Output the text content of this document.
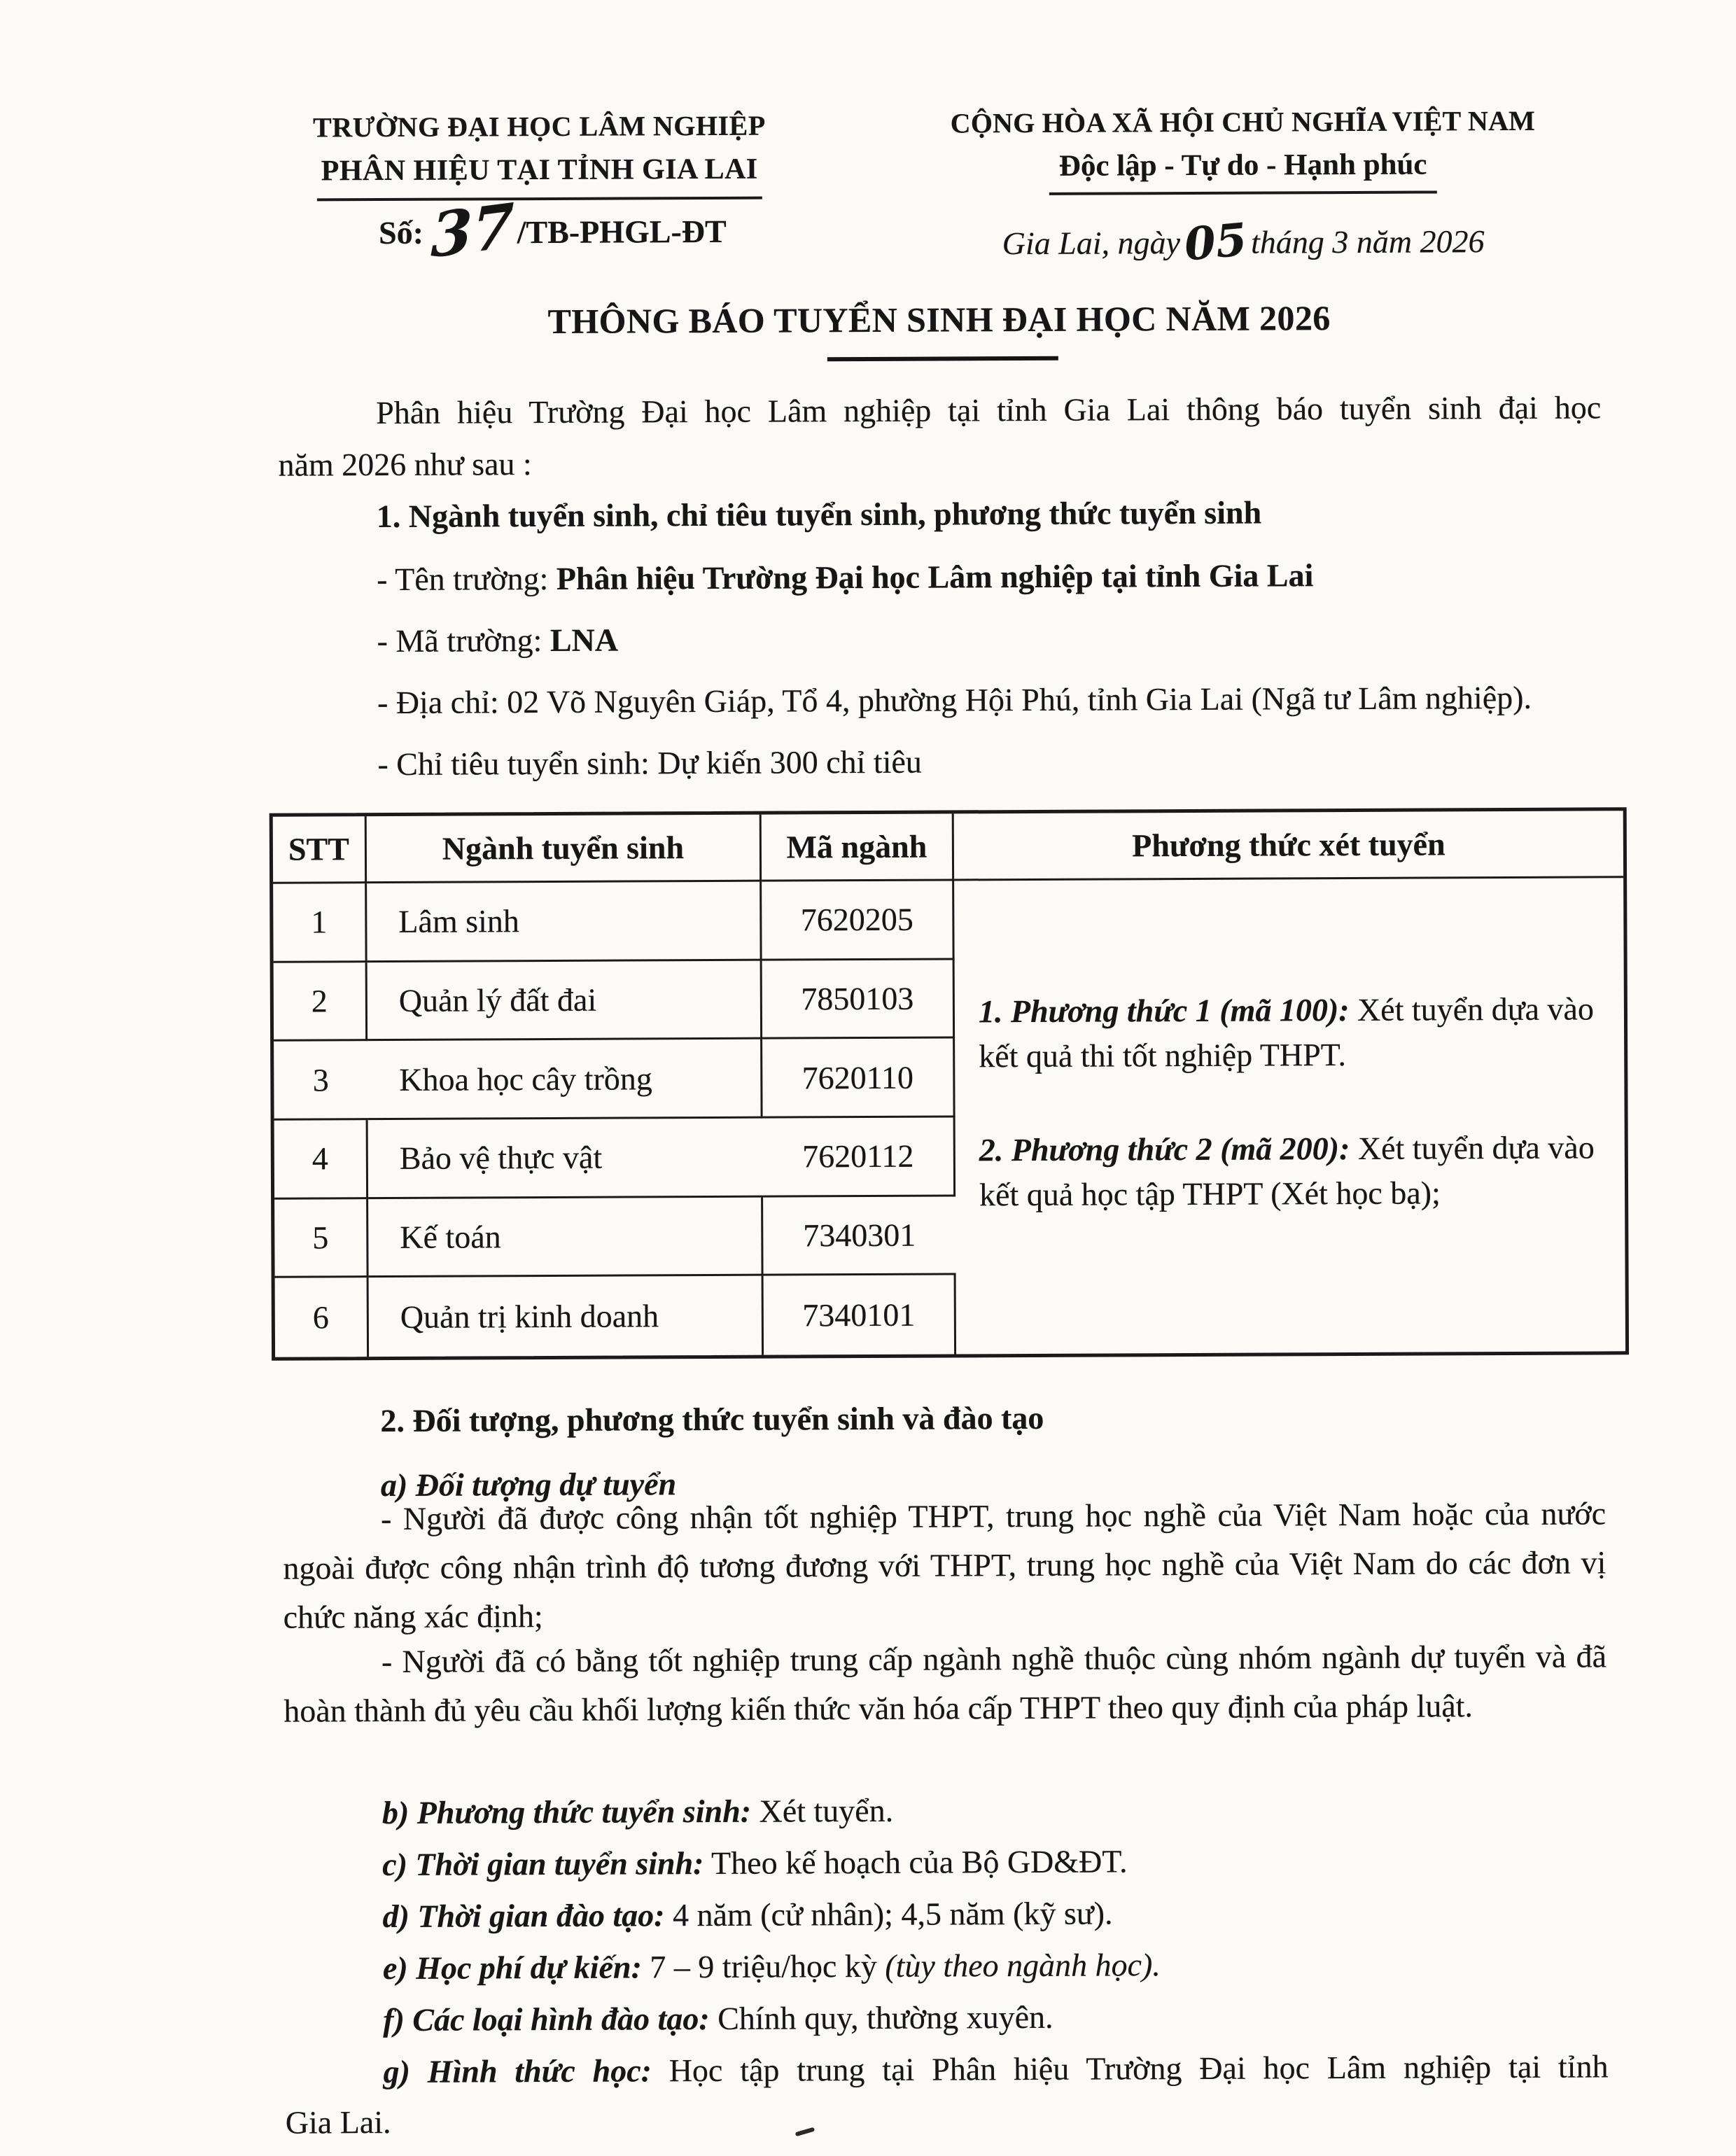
TRƯỜNG ĐẠI HỌC LÂM NGHIỆP
PHÂN HIỆU TẠI TỈNH GIA LAI
Số: 37/TB-PHGL-ĐT
CỘNG HÒA XÃ HỘI CHỦ NGHĨA VIỆT NAM
Độc lập - Tự do - Hạnh phúc
Gia Lai, ngày05tháng 3 năm 2026
THÔNG BÁO TUYỂN SINH ĐẠI HỌC NĂM 2026
Phân hiệu Trường Đại học Lâm nghiệp tại tỉnh Gia Lai thông báo tuyển sinh đại học
năm 2026 như sau :
1. Ngành tuyển sinh, chỉ tiêu tuyển sinh, phương thức tuyển sinh
- Tên trường: Phân hiệu Trường Đại học Lâm nghiệp tại tỉnh Gia Lai
- Mã trường: LNA
- Địa chỉ: 02 Võ Nguyên Giáp, Tổ 4, phường Hội Phú, tỉnh Gia Lai (Ngã tư Lâm nghiệp).
- Chỉ tiêu tuyển sinh: Dự kiến 300 chỉ tiêu
STT	Ngành tuyển sinh	Mã ngành	Phương thức xét tuyển
1	Lâm sinh	7620205
1. Phương thức 1 (mã 100): Xét tuyển dựa vào kết quả thi tốt nghiệp THPT.
2. Phương thức 2 (mã 200): Xét tuyển dựa vào kết quả học tập THPT (Xét học bạ);
2	Quản lý đất đai	7850103
3	Khoa học cây trồng	7620110
4	Bảo vệ thực vật	7620112
5	Kế toán	7340301
6	Quản trị kinh doanh	7340101
2. Đối tượng, phương thức tuyển sinh và đào tạo
a) Đối tượng dự tuyển
- Người đã được công nhận tốt nghiệp THPT, trung học nghề của Việt Nam hoặc của nước ngoài được công nhận trình độ tương đương với THPT, trung học nghề của Việt Nam do các đơn vị chức năng xác định;
- Người đã có bằng tốt nghiệp trung cấp ngành nghề thuộc cùng nhóm ngành dự tuyển và đã hoàn thành đủ yêu cầu khối lượng kiến thức văn hóa cấp THPT theo quy định của pháp luật.
b) Phương thức tuyển sinh: Xét tuyển.
c) Thời gian tuyển sinh: Theo kế hoạch của Bộ GD&ĐT.
d) Thời gian đào tạo: 4 năm (cử nhân); 4,5 năm (kỹ sư).
e) Học phí dự kiến: 7 – 9 triệu/học kỳ (tùy theo ngành học).
f) Các loại hình đào tạo: Chính quy, thường xuyên.
g) Hình thức học: Học tập trung tại Phân hiệu Trường Đại học Lâm nghiệp tại tỉnh
Gia Lai.
